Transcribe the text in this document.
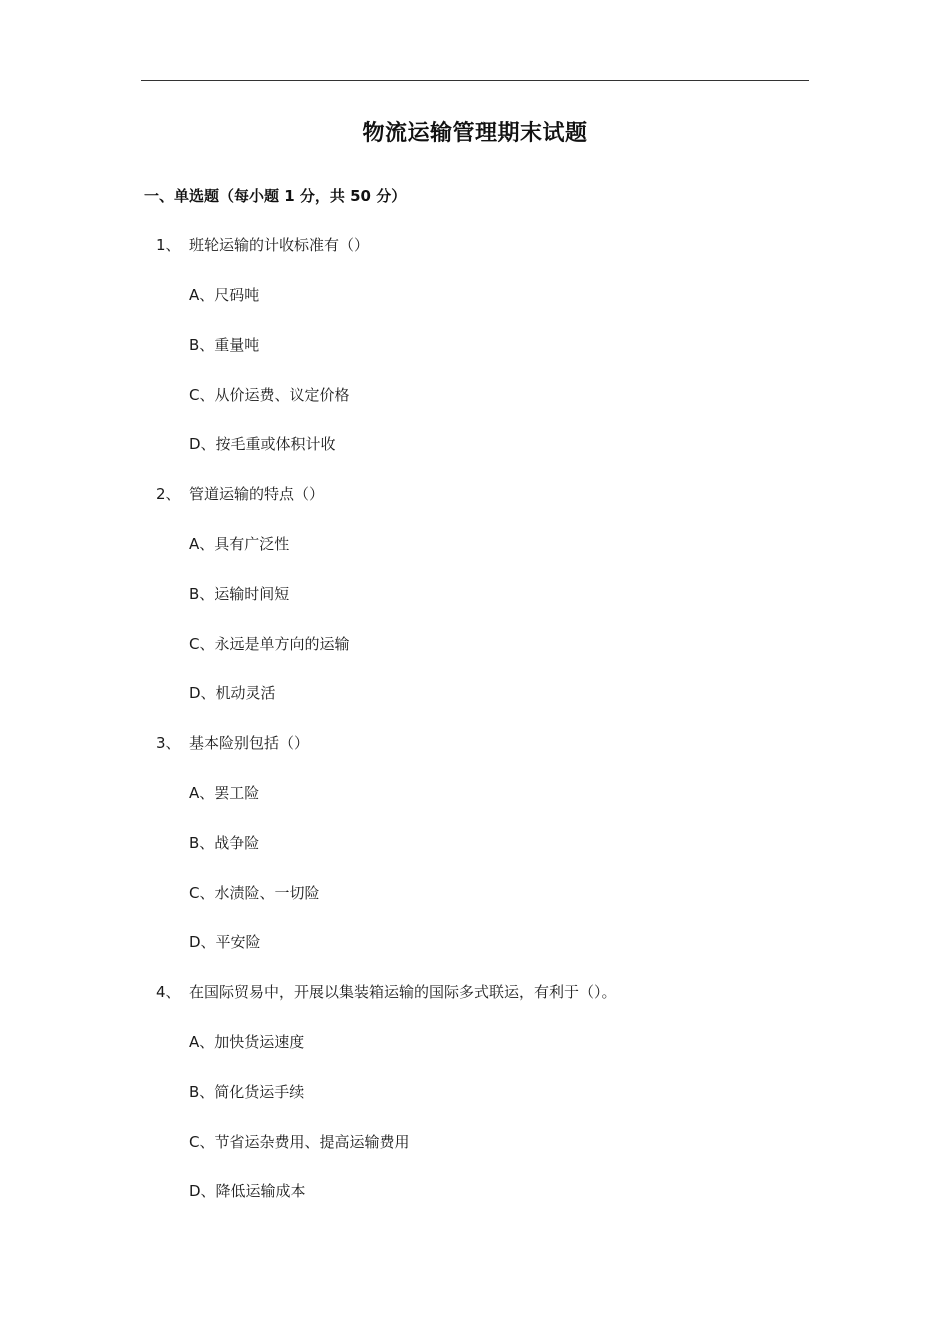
物流运输管理期末试题
一、单选题（每小题 1 分，共 50 分）
1、 班轮运输的计收标准有（）
A、尺码吨
B、重量吨
C、从价运费、议定价格
D、按毛重或体积计收
2、 管道运输的特点（）
A、具有广泛性
B、运输时间短
C、永远是单方向的运输
D、机动灵活
3、 基本险别包括（）
A、罢工险
B、战争险
C、水渍险、一切险
D、平安险
4、 在国际贸易中，开展以集装箱运输的国际多式联运，有利于（）。
A、加快货运速度
B、简化货运手续
C、节省运杂费用、提高运输费用
D、降低运输成本
